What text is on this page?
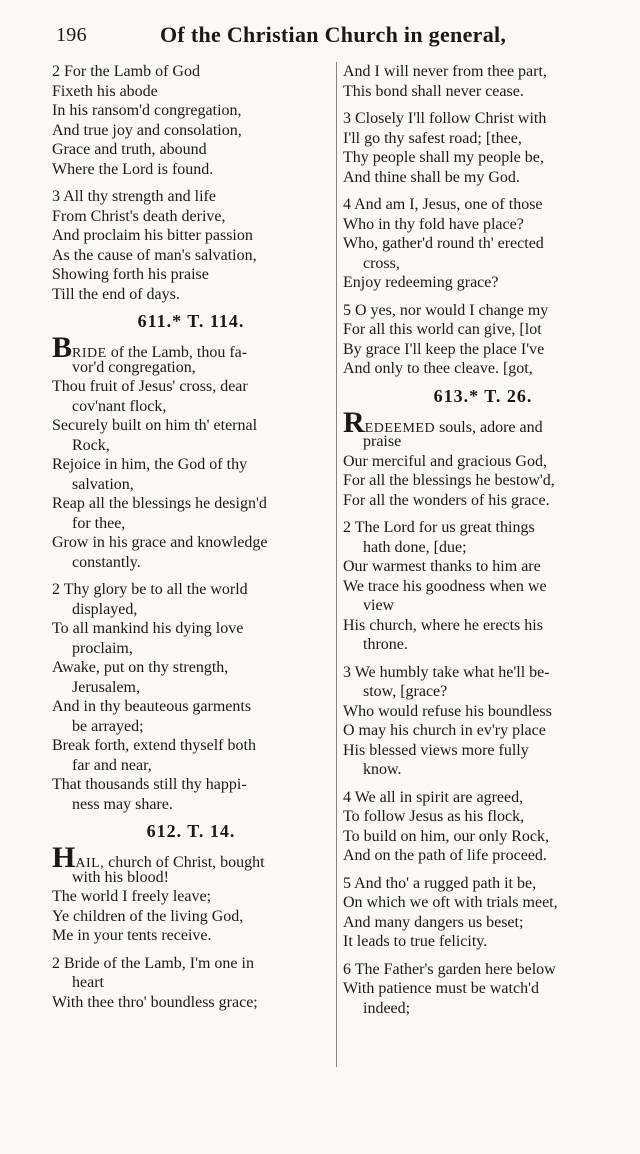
196	Of the Christian Church in general,
2 For the Lamb of God
Fixeth his abode
In his ransom'd congregation,
And true joy and consolation,
Grace and truth, abound
Where the Lord is found.
3 All thy strength and life
From Christ's death derive,
And proclaim his bitter passion
As the cause of man's salvation,
Showing forth his praise
Till the end of days.
611.* T. 114.
BRIDE of the Lamb, thou fa-
vor'd congregation,
Thou fruit of Jesus' cross, dear
cov'nant flock,
Securely built on him th' eternal
Rock,
Rejoice in him, the God of thy
salvation,
Reap all the blessings he design'd
for thee,
Grow in his grace and knowledge
constantly.
2 Thy glory be to all the world
displayed,
To all mankind his dying love
proclaim,
Awake, put on thy strength,
Jerusalem,
And in thy beauteous garments
be arrayed;
Break forth, extend thyself both
far and near,
That thousands still thy happi-
ness may share.
612. T. 14.
HAIL, church of Christ, bought
with his blood!
The world I freely leave;
Ye children of the living God,
Me in your tents receive.
2 Bride of the Lamb, I'm one in
heart
With thee thro' boundless grace;
And I will never from thee part,
This bond shall never cease.
3 Closely I'll follow Christ with
I'll go thy safest road; [thee,
Thy people shall my people be,
And thine shall be my God.
4 And am I, Jesus, one of those
Who in thy fold have place?
Who, gather'd round th' erected
cross,
Enjoy redeeming grace?
5 O yes, nor would I change my
For all this world can give, [lot
By grace I'll keep the place I've
And only to thee cleave. [got,
613.* T. 26.
REDEEMED souls, adore and
praise
Our merciful and gracious God,
For all the blessings he bestow'd,
For all the wonders of his grace.
2 The Lord for us great things
hath done, [due;
Our warmest thanks to him are
We trace his goodness when we
view
His church, where he erects his
throne.
3 We humbly take what he'll be-
stow, [grace?
Who would refuse his boundless
O may his church in ev'ry place
His blessed views more fully
know.
4 We all in spirit are agreed,
To follow Jesus as his flock,
To build on him, our only Rock,
And on the path of life proceed.
5 And tho' a rugged path it be,
On which we oft with trials meet,
And many dangers us beset;
It leads to true felicity.
6 The Father's garden here below
With patience must be watch'd
indeed;
